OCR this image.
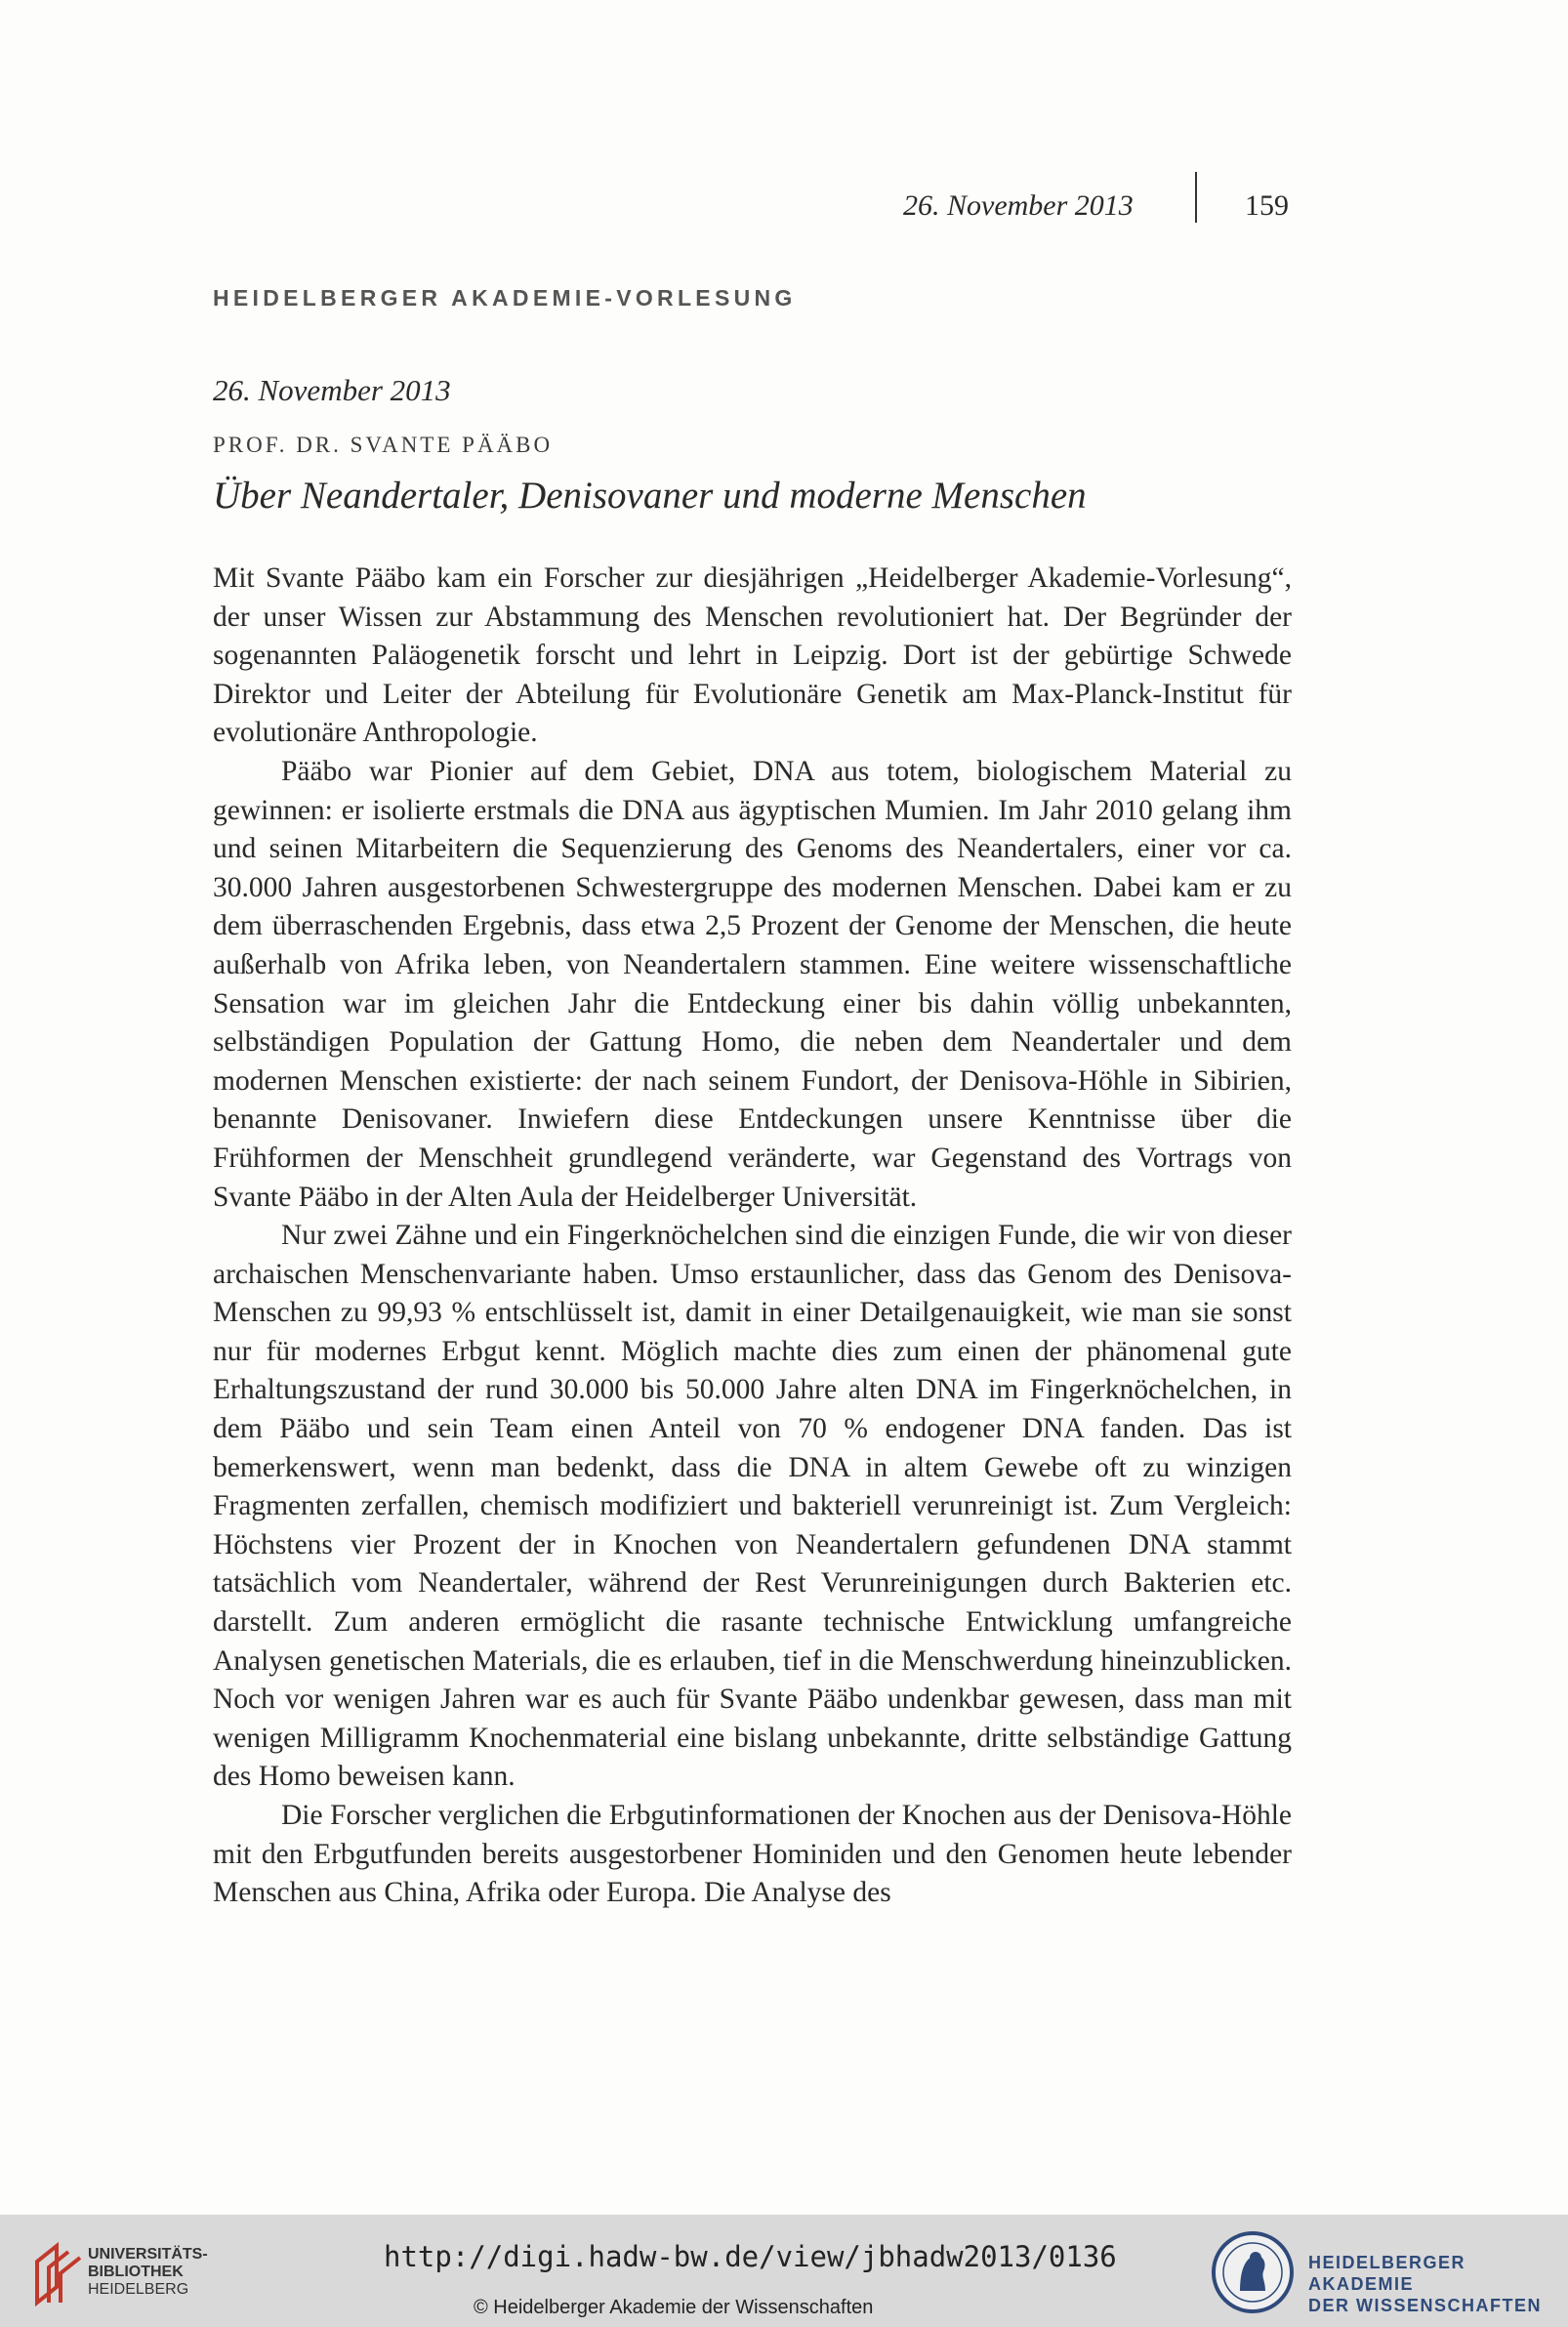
26. November 2013	159
HEIDELBERGER AKADEMIE-VORLESUNG
26. November 2013
PROF. DR. SVANTE PÄÄBO
Über Neandertaler, Denisovaner und moderne Menschen

Mit Svante Pääbo kam ein Forscher zur diesjährigen „Heidelberger Akademie-Vorlesung“, der unser Wissen zur Abstammung des Menschen revolutioniert hat. Der Begründer der sogenannten Paläogenetik forscht und lehrt in Leipzig. Dort ist der gebürtige Schwede Direktor und Leiter der Abteilung für Evolutionäre Genetik am Max-Planck-Institut für evolutionäre Anthropologie.

Pääbo war Pionier auf dem Gebiet, DNA aus totem, biologischem Material zu gewinnen: er isolierte erstmals die DNA aus ägyptischen Mumien. Im Jahr 2010 gelang ihm und seinen Mitarbeitern die Sequenzierung des Genoms des Neandertalers, einer vor ca. 30.000 Jahren ausgestorbenen Schwestergruppe des modernen Menschen. Dabei kam er zu dem überraschenden Ergebnis, dass etwa 2,5 Prozent der Genome der Menschen, die heute außerhalb von Afrika leben, von Neandertalern stammen. Eine weitere wissenschaftliche Sensation war im gleichen Jahr die Entdeckung einer bis dahin völlig unbekannten, selbständigen Population der Gattung Homo, die neben dem Neandertaler und dem modernen Menschen existierte: der nach seinem Fundort, der Denisova-Höhle in Sibirien, benannte Denisovaner. Inwiefern diese Entdeckungen unsere Kenntnisse über die Frühformen der Menschheit grundlegend veränderte, war Gegenstand des Vortrags von Svante Pääbo in der Alten Aula der Heidelberger Universität.

Nur zwei Zähne und ein Fingerknöchelchen sind die einzigen Funde, die wir von dieser archaischen Menschenvariante haben. Umso erstaunlicher, dass das Genom des Denisova-Menschen zu 99,93 % entschlüsselt ist, damit in einer Detailgenauigkeit, wie man sie sonst nur für modernes Erbgut kennt. Möglich machte dies zum einen der phänomenal gute Erhaltungszustand der rund 30.000 bis 50.000 Jahre alten DNA im Fingerknöchelchen, in dem Pääbo und sein Team einen Anteil von 70 % endogener DNA fanden. Das ist bemerkenswert, wenn man bedenkt, dass die DNA in altem Gewebe oft zu winzigen Fragmenten zerfallen, chemisch modifiziert und bakteriell verunreinigt ist. Zum Vergleich: Höchstens vier Prozent der in Knochen von Neandertalern gefundenen DNA stammt tatsächlich vom Neandertaler, während der Rest Verunreinigungen durch Bakterien etc. darstellt. Zum anderen ermöglicht die rasante technische Entwicklung umfangreiche Analysen genetischen Materials, die es erlauben, tief in die Menschwerdung hineinzublicken. Noch vor wenigen Jahren war es auch für Svante Pääbo undenkbar gewesen, dass man mit wenigen Milligramm Knochenmaterial eine bislang unbekannte, dritte selbständige Gattung des Homo beweisen kann.

Die Forscher verglichen die Erbgutinformationen der Knochen aus der Denisova-Höhle mit den Erbgutfunden bereits ausgestorbener Hominiden und den Genomen heute lebender Menschen aus China, Afrika oder Europa. Die Analyse des

UNIVERSITÄTS-
BIBLIOTHEK
HEIDELBERG
http://digi.hadw-bw.de/view/jbhadw2013/0136
© Heidelberger Akademie der Wissenschaften
HEIDELBERGER AKADEMIE
DER WISSENSCHAFTEN
